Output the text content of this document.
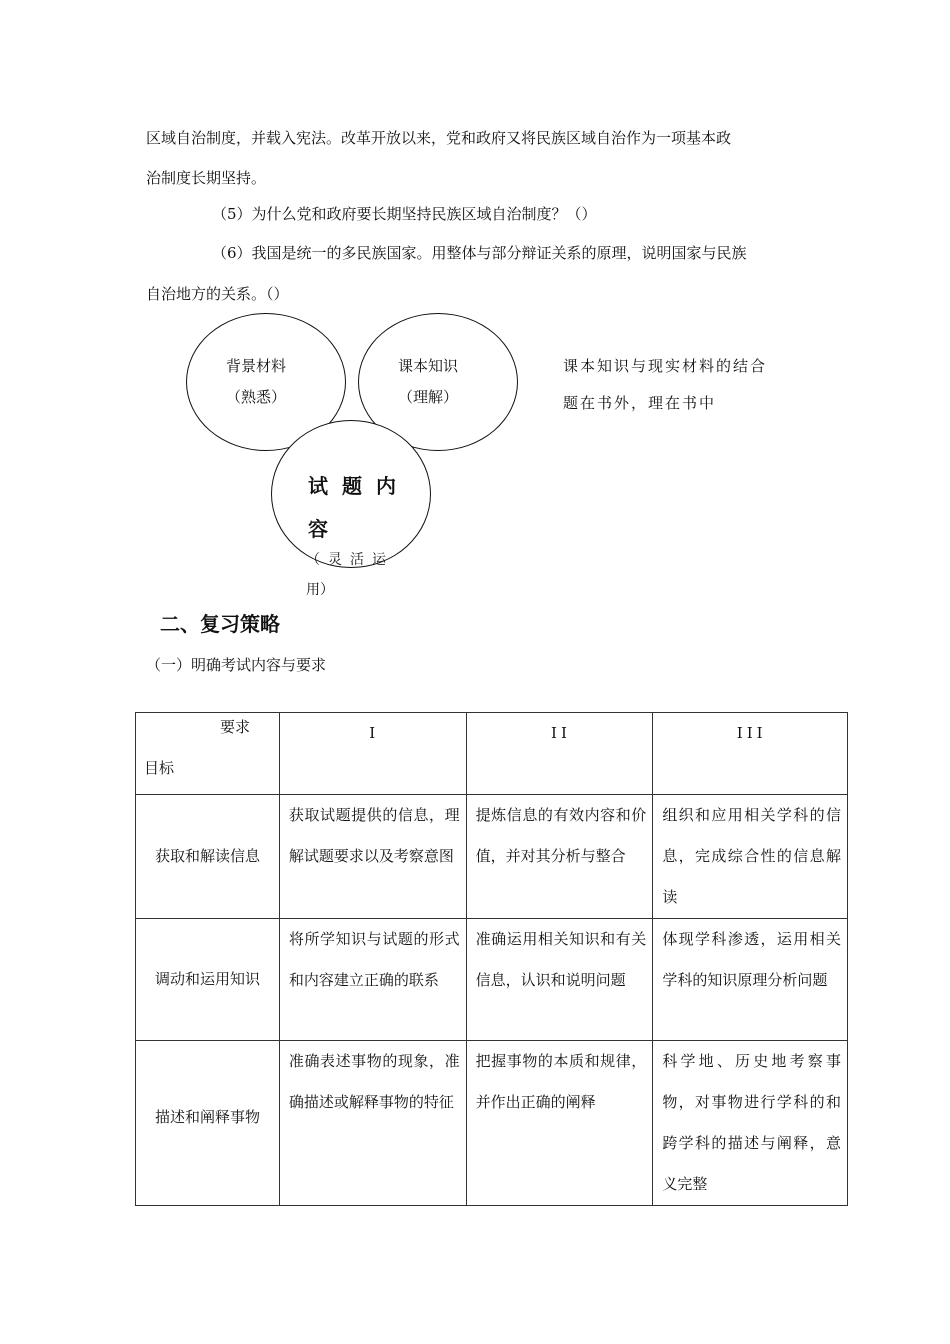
区域自治制度，并载入宪法。改革开放以来，党和政府又将民族区域自治作为一项基本政
治制度长期坚持。
（5）为什么党和政府要长期坚持民族区域自治制度？（）
（6）我国是统一的多民族国家。用整体与部分辩证关系的原理，说明国家与民族
自治地方的关系。（）
背景材料
（熟悉）
课本知识
（理解）
试题内
容
（灵活运
用）
课本知识与现实材料的结合
题在书外，理在书中
二、复习策略
（一）明确考试内容与要求
要求
目标	I	II	III
获取和解读信息	获取试题提供的信息，理解试题要求以及考察意图	提炼信息的有效内容和价值，并对其分析与整合	组织和应用相关学科的信息，完成综合性的信息解读
调动和运用知识	将所学知识与试题的形式和内容建立正确的联系	准确运用相关知识和有关信息，认识和说明问题	体现学科渗透，运用相关学科的知识原理分析问题
描述和阐释事物	准确表述事物的现象，准确描述或解释事物的特征	把握事物的本质和规律，并作出正确的阐释	科学地、历史地考察事物，对事物进行学科的和跨学科的描述与阐释，意义完整
